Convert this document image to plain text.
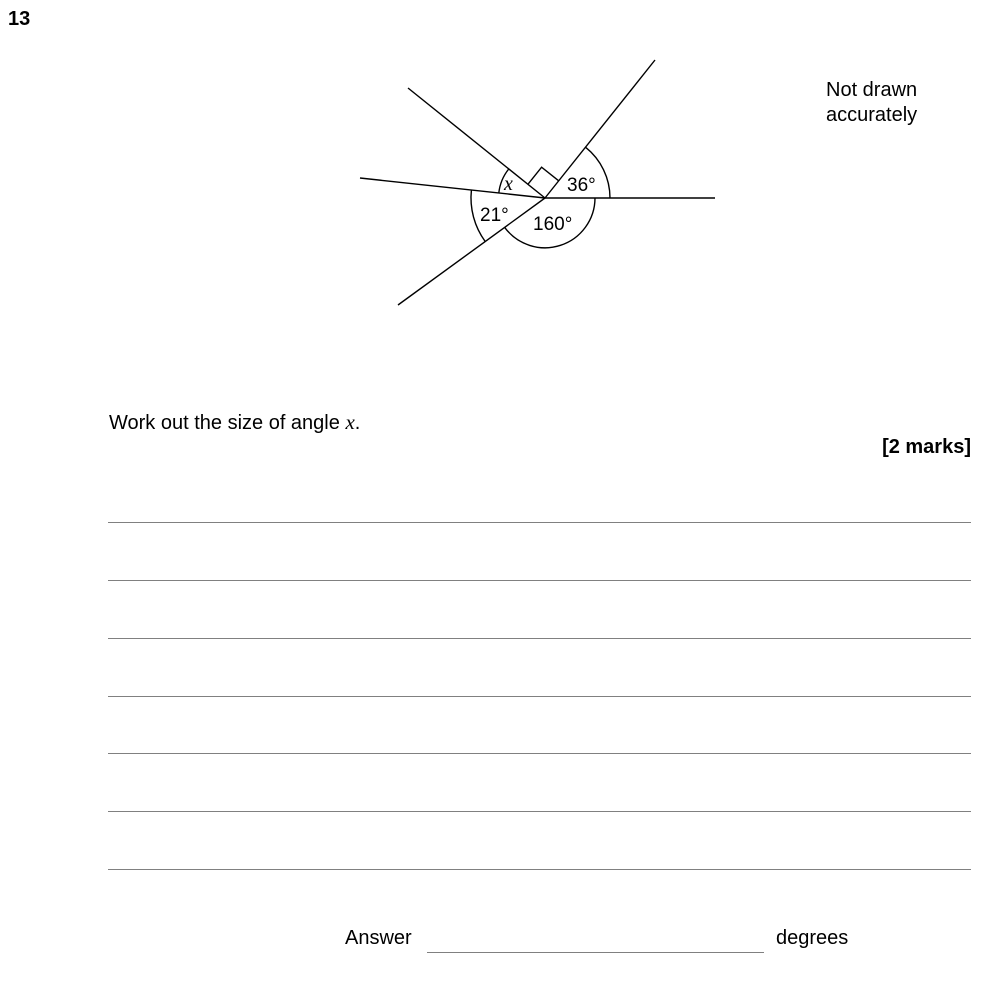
13
x	36°
21° 160°
Not drawn
accurately
Work out the size of angle x.
[2 marks]
Answer	degrees
